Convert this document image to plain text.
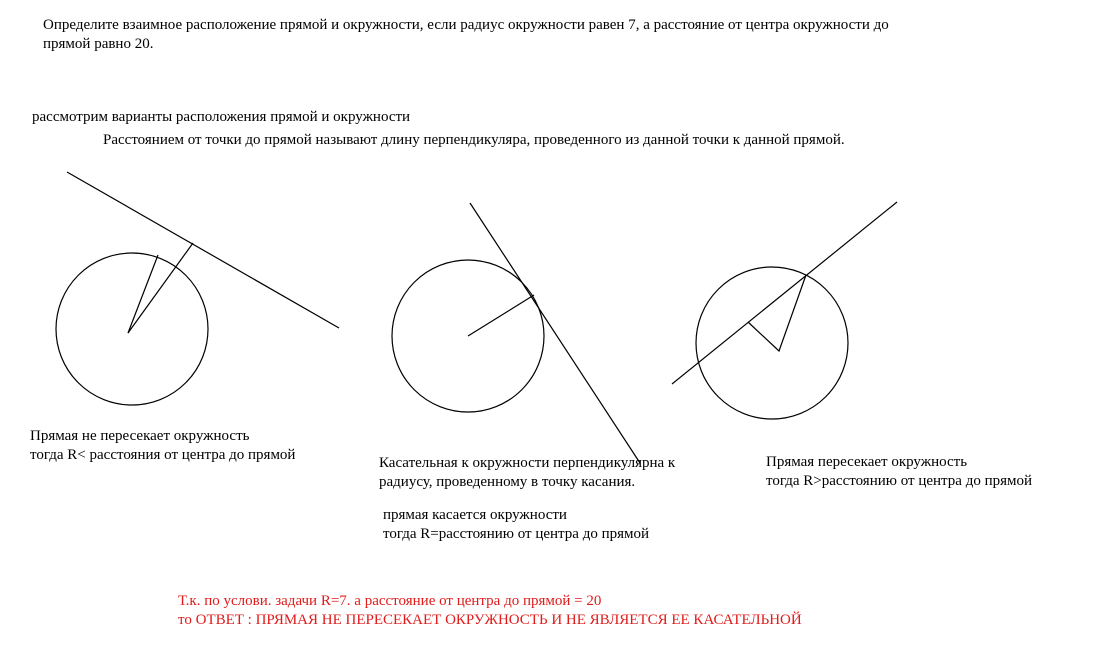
Определите взаимное расположение прямой и окружности, если радиус окружности равен 7, а расстояние от центра окружности до

прямой равно 20.

рассмотрим варианты расположения прямой и окружности

Расстоянием от точки до прямой называют длину перпендикуляра, проведенного из данной точки к данной прямой.

Прямая не пересекает окружность

тогда R< расстояния от центра до прямой	Касательная к окружности перпендикулярна к

радиусу, проведенному в точку касания.

прямая касается окружности

тогда R=расстоянию от центра до прямой

Прямая пересекает окружность

тогда R>расстоянию от центра до прямой

Т.к. по услови. задачи R=7. а расстояние от центра до прямой = 20

то ОТВЕТ : ПРЯМАЯ НЕ ПЕРЕСЕКАЕТ ОКРУЖНОСТЬ И НЕ ЯВЛЯЕТСЯ ЕЕ КАСАТЕЛЬНОЙ
